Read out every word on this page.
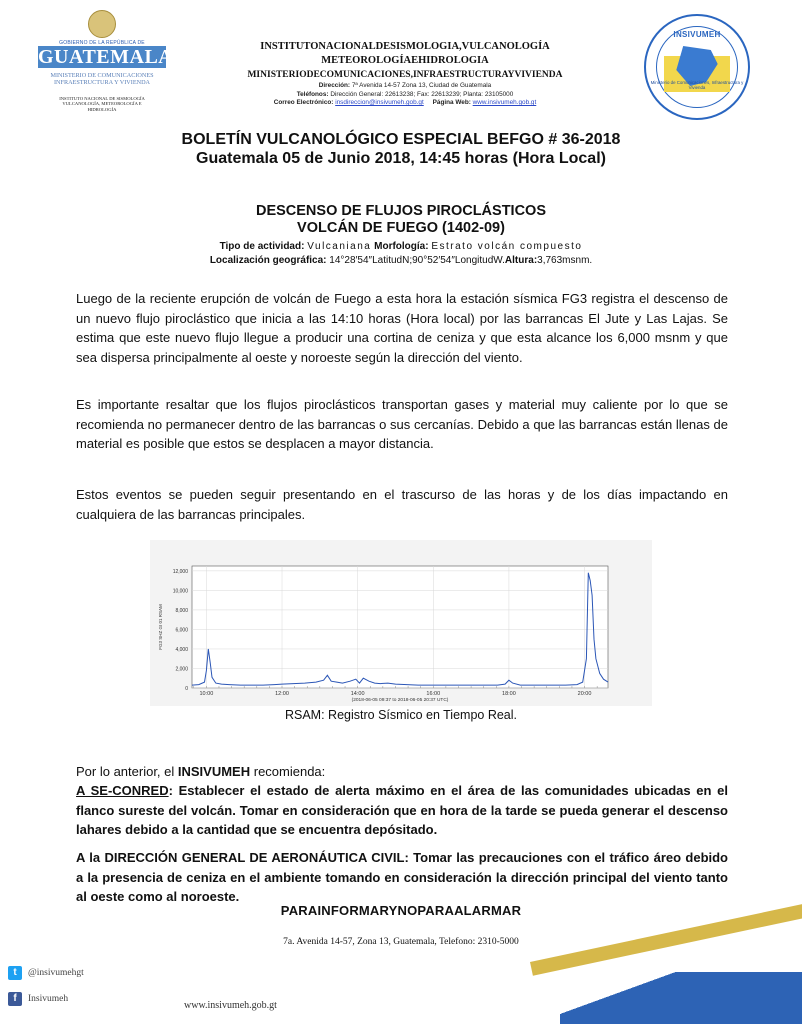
GOBIERNO DE LA REPÚBLICA DE
GUATEMALA
MINISTERIO DE COMUNICACIONES
INFRAESTRUCTURA Y VIVIENDA
INSTITUTO NACIONAL DE SISMOLOGÍA
VULCANOLOGÍA, METEOROLOGÍA E
HIDROLOGÍA
INSTITUTONACIONALDESISMOLOGIA,VULCANOLOGÍA
METEOROLOGÍAEHIDROLOGIA
MINISTERIODECOMUNICACIONES,INFRAESTRUCTURAYVIVIENDA
Dirección: 7ª Avenida 14-57 Zona 13, Ciudad de Guatemala
Teléfonos: Dirección General: 22613238; Fax: 22613239; Planta: 23105000
Correo Electrónico: insdireccion@insivumeh.gob.gt Página Web: www.insivumeh.gob.gt
INSIVUMEH
Ministerio de Comunicaciones, Infraestructura y Vivienda
BOLETÍN VULCANOLÓGICO ESPECIAL BEFGO # 36-2018
Guatemala 05 de Junio 2018, 14:45 horas (Hora Local)
DESCENSO DE FLUJOS PIROCLÁSTICOS
VOLCÁN DE FUEGO (1402-09)
Tipo de actividad: Vulcaniana Morfología: Estrato volcán compuesto
Localización geográfica: 14°28′54″LatitudN;90°52′54″LongitudW.Altura:3,763msnm.
Luego de la reciente erupción de volcán de Fuego a esta hora la estación sísmica FG3 registra el descenso de un nuevo flujo piroclástico que inicia a las 14:10 horas (Hora local) por las barrancas El Jute y Las Lajas. Se estima que este nuevo flujo llegue a producir una cortina de ceniza y que esta alcance los 6,000 msnm y que sea dispersa principalmente al oeste y noroeste según la dirección del viento.
Es importante resaltar que los flujos piroclásticos transportan gases y material muy caliente por lo que se recomienda no permanecer dentro de las barrancas o sus cercanías. Debido a que las barrancas están llenas de material es posible que estos se desplacen a mayor distancia.
Estos eventos se pueden seguir presentando en el trascurso de las horas y de los días impactando en cualquiera de las barrancas principales.
0
2,000
4,000
6,000
8,000
10,000
12,000
10:00	12:00	14:00	16:00	18:00	20:00
FG3 SHZ GI 01 RSAM
(2018-06-05 09:37 to 2018-06-05 20:37 UTC)
RSAM: Registro Sísmico en Tiempo Real.
Por lo anterior, el INSIVUMEH recomienda:
A SE-CONRED: Establecer el estado de alerta máximo en el área de las comunidades ubicadas en el flanco sureste del volcán. Tomar en consideración que en hora de la tarde se pueda generar el descenso lahares debido a la cantidad que se encuentra depósitado.
A la DIRECCIÓN GENERAL DE AERONÁUTICA CIVIL: Tomar las precauciones con el tráfico áreo debido a la presencia de ceniza en el ambiente tomando en consideración la dirección principal del viento tanto al oeste como al noroeste.
PARAINFORMARYNOPARAALARMAR
7a. Avenida 14-57, Zona 13, Guatemala, Telefono: 2310-5000
t @insivumehgt
f Insivumeh
www.insivumeh.gob.gt
